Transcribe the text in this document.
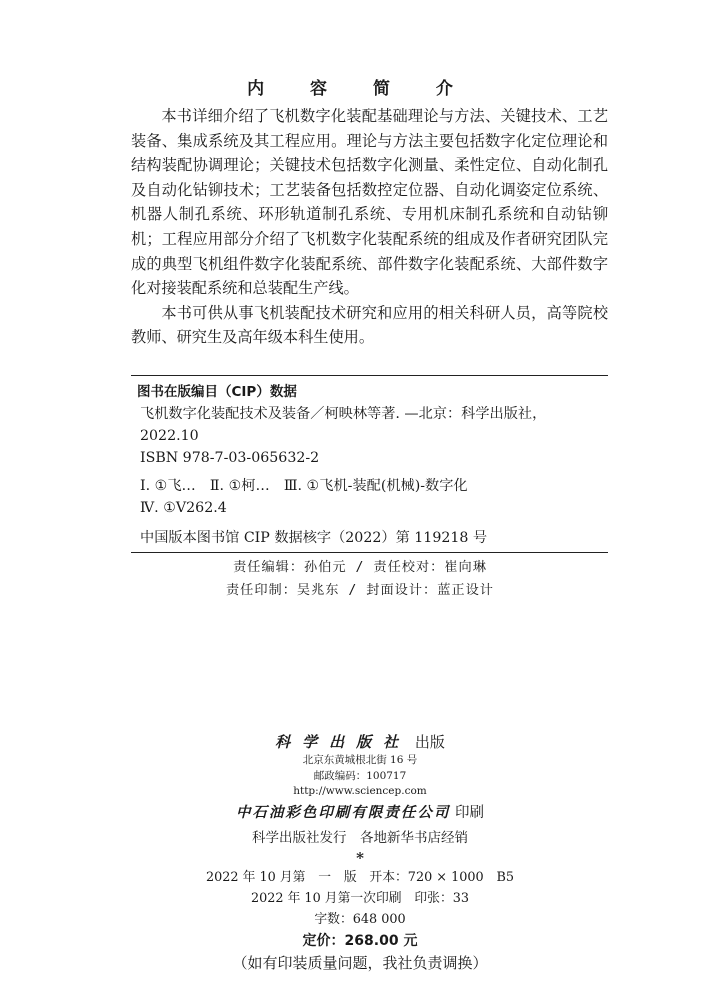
内 容 简 介

本书详细介绍了飞机数字化装配基础理论与方法、关键技术、工艺装备、集成系统及其工程应用。理论与方法主要包括数字化定位理论和结构装配协调理论；关键技术包括数字化测量、柔性定位、自动化制孔及自动化钻铆技术；工艺装备包括数控定位器、自动化调姿定位系统、机器人制孔系统、环形轨道制孔系统、专用机床制孔系统和自动钻铆机；工程应用部分介绍了飞机数字化装配系统的组成及作者研究团队完成的典型飞机组件数字化装配系统、部件数字化装配系统、大部件数字化对接装配系统和总装配生产线。

本书可供从事飞机装配技术研究和应用的相关科研人员，高等院校教师、研究生及高年级本科生使用。

图书在版编目（CIP）数据
飞机数字化装配技术及装备／柯映林等著. —北京：科学出版社，
2022.10
ISBN 978-7-03-065632-2
Ⅰ. ①飞…　Ⅱ. ①柯…　Ⅲ. ①飞机-装配(机械)-数字化
Ⅳ. ①V262.4
中国版本图书馆 CIP 数据核字（2022）第 119218 号
责任编辑：孙伯元 / 责任校对：崔向琳
责任印制：吴兆东 / 封面设计：蓝正设计
科学出版社 出版
北京东黄城根北街 16 号
邮政编码：100717
http://www.sciencep.com
中石油彩色印刷有限责任公司 印刷
科学出版社发行　各地新华书店经销
*
2022 年 10 月第　一　版　开本：720 × 1000　B5
2022 年 10 月第一次印刷　印张：33
字数：648 000
定价：268.00 元
（如有印装质量问题，我社负责调换）
